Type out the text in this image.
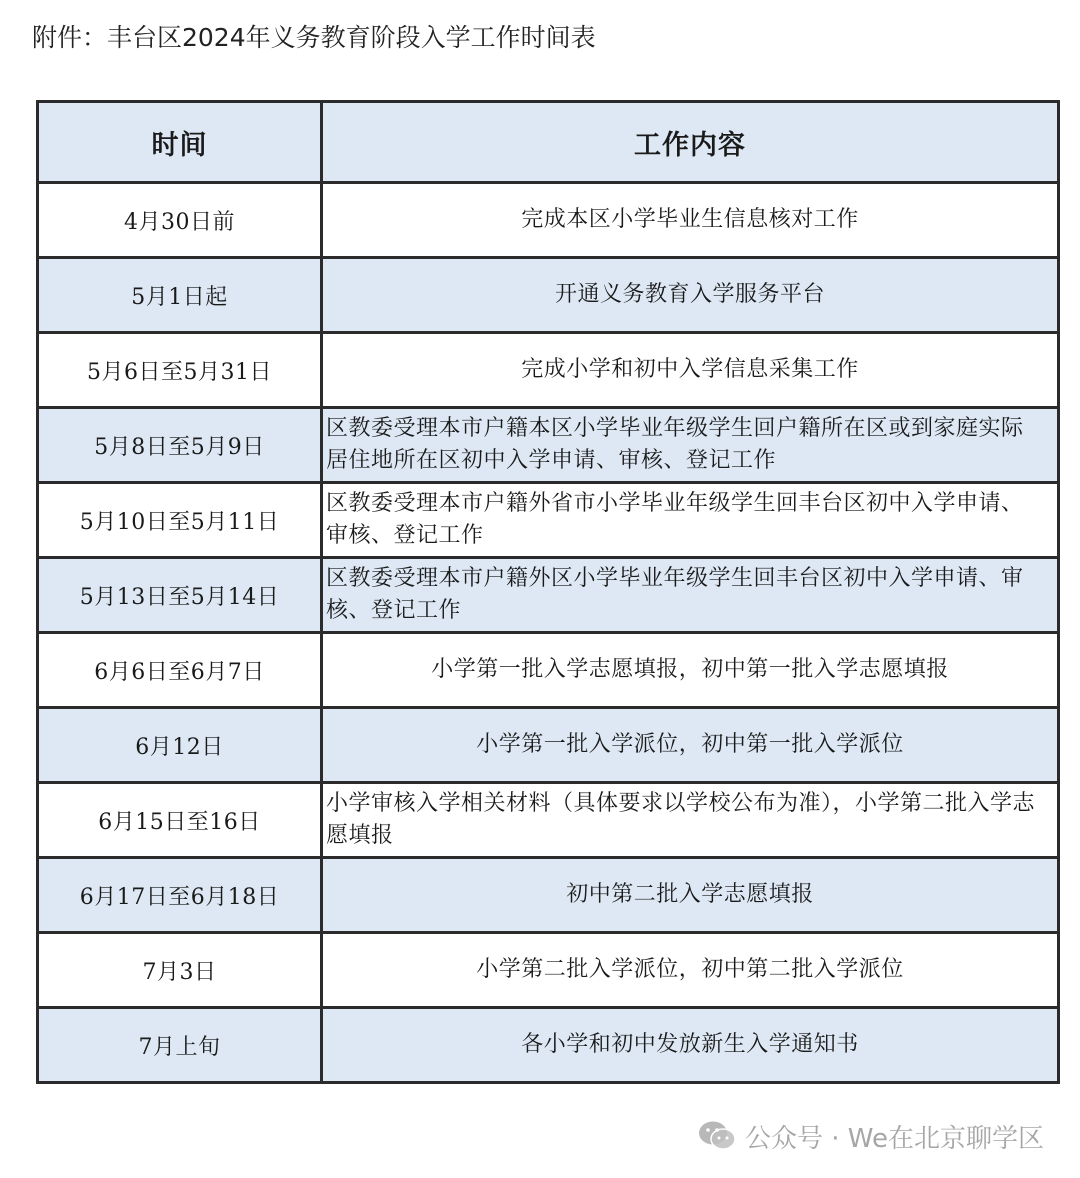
附件：丰台区2024年义务教育阶段入学工作时间表
时间	工作内容
4月30日前	完成本区小学毕业生信息核对工作
5月1日起	开通义务教育入学服务平台
5月6日至5月31日	完成小学和初中入学信息采集工作
5月8日至5月9日	区教委受理本市户籍本区小学毕业年级学生回户籍所在区或到家庭实际居住地所在区初中入学申请、审核、登记工作
5月10日至5月11日	区教委受理本市户籍外省市小学毕业年级学生回丰台区初中入学申请、审核、登记工作
5月13日至5月14日	区教委受理本市户籍外区小学毕业年级学生回丰台区初中入学申请、审核、登记工作
6月6日至6月7日	小学第一批入学志愿填报，初中第一批入学志愿填报
6月12日	小学第一批入学派位，初中第一批入学派位
6月15日至16日	小学审核入学相关材料（具体要求以学校公布为准），小学第二批入学志愿填报
6月17日至6月18日	初中第二批入学志愿填报
7月3日	小学第二批入学派位，初中第二批入学派位
7月上旬	各小学和初中发放新生入学通知书
公众号 · We在北京聊学区
